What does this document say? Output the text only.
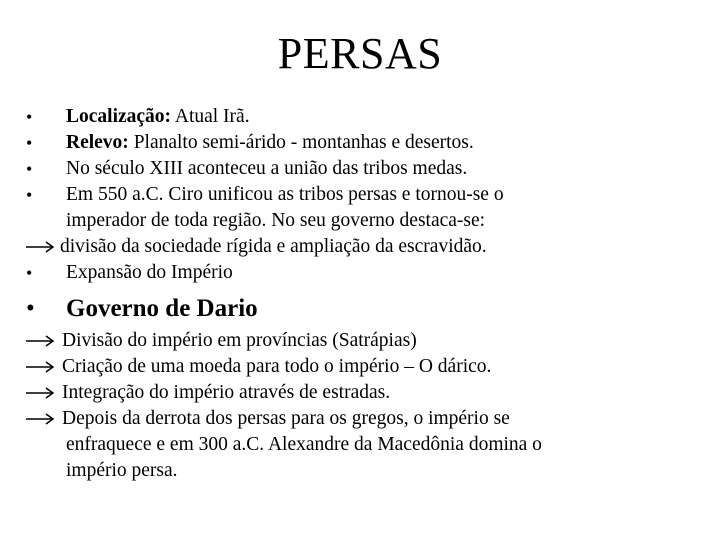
PERSAS
•	Localização: Atual Irã.
•	Relevo: Planalto semi-árido - montanhas e desertos.
•	No século XIII aconteceu a união das tribos medas.
•	Em 550 a.C. Ciro unificou as tribos persas e tornou-se o
imperador de toda região. No seu governo destaca-se:
divisão da sociedade rígida e ampliação da escravidão.
•	Expansão do Império
•	Governo de Dario
Divisão do império em províncias (Satrápias)
Criação de uma moeda para todo o império – O dárico.
Integração do império através de estradas.
Depois da derrota dos persas para os gregos, o império se
enfraquece e em 300 a.C. Alexandre da Macedônia domina o
império persa.
